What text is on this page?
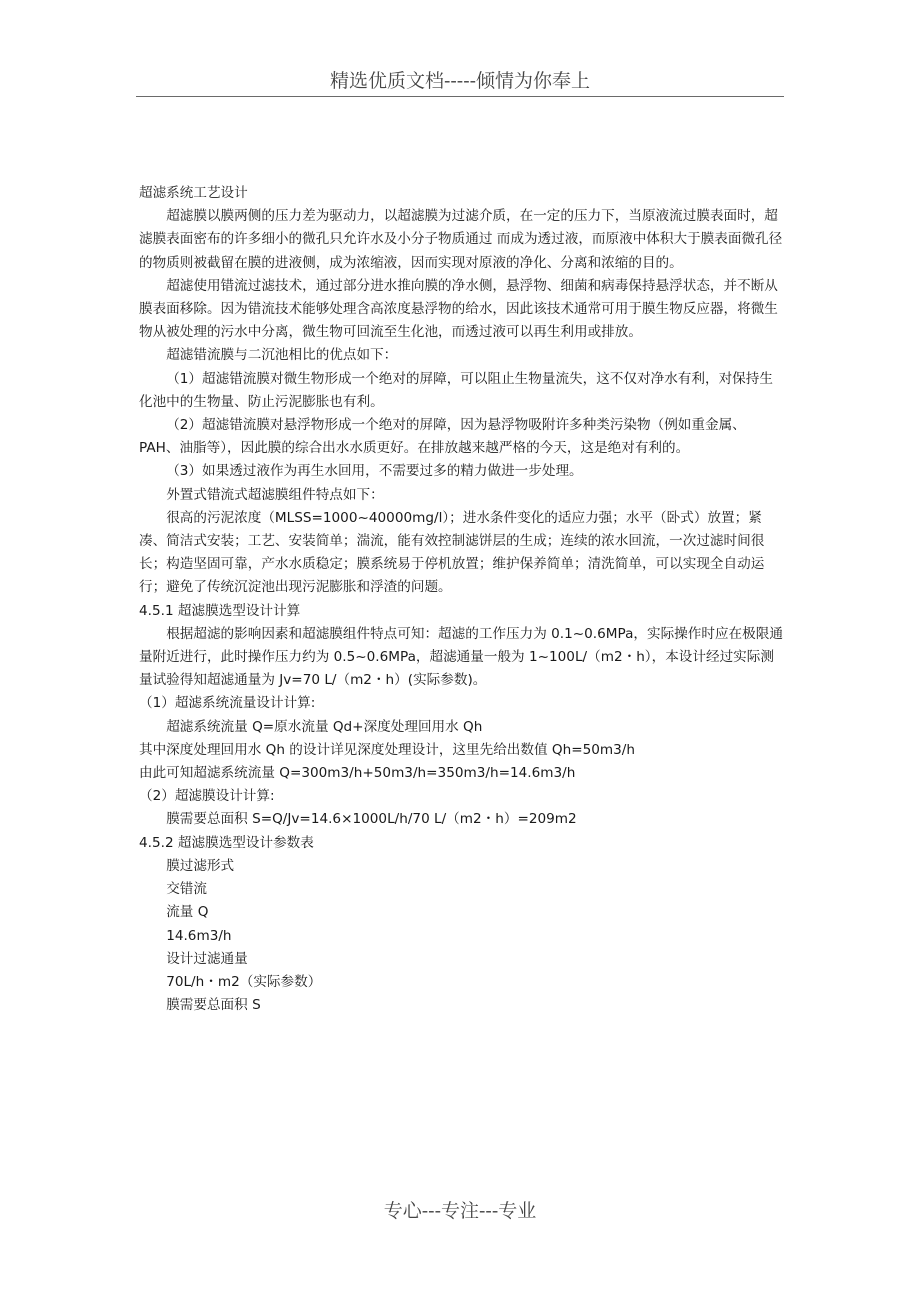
精选优质文档-----倾情为你奉上

超滤系统工艺设计

超滤膜以膜两侧的压力差为驱动力，以超滤膜为过滤介质，在一定的压力下，当原液流过膜表面时，超滤膜表面密布的许多细小的微孔只允许水及小分子物质通过 而成为透过液，而原液中体积大于膜表面微孔径的物质则被截留在膜的进液侧，成为浓缩液，因而实现对原液的净化、分离和浓缩的目的。

超滤使用错流过滤技术，通过部分进水推向膜的净水侧，悬浮物、细菌和病毒保持悬浮状态，并不断从膜表面移除。因为错流技术能够处理含高浓度悬浮物的给水，因此该技术通常可用于膜生物反应器，将微生物从被处理的污水中分离，微生物可回流至生化池，而透过液可以再生利用或排放。

超滤错流膜与二沉池相比的优点如下：

（1）超滤错流膜对微生物形成一个绝对的屏障，可以阻止生物量流失，这不仅对净水有利，对保持生化池中的生物量、防止污泥膨胀也有利。

（2）超滤错流膜对悬浮物形成一个绝对的屏障，因为悬浮物吸附许多种类污染物（例如重金属、PAH、油脂等），因此膜的综合出水水质更好。在排放越来越严格的今天，这是绝对有利的。

（3）如果透过液作为再生水回用，不需要过多的精力做进一步处理。

外置式错流式超滤膜组件特点如下：

很高的污泥浓度（MLSS=1000~40000mg/l）；进水条件变化的适应力强；水平（卧式）放置；紧凑、简洁式安装；工艺、安装简单；湍流，能有效控制滤饼层的生成；连续的浓水回流，一次过滤时间很长；构造坚固可靠，产水水质稳定；膜系统易于停机放置；维护保养简单；清洗简单，可以实现全自动运行；避免了传统沉淀池出现污泥膨胀和浮渣的问题。

4.5.1 超滤膜选型设计计算

根据超滤的影响因素和超滤膜组件特点可知：超滤的工作压力为 0.1~0.6MPa，实际操作时应在极限通量附近进行，此时操作压力约为 0.5~0.6MPa，超滤通量一般为 1~100L/（m2・h），本设计经过实际测量试验得知超滤通量为 Jv=70 L/（m2・h）(实际参数)。

（1）超滤系统流量设计计算:

超滤系统流量 Q=原水流量 Qd+深度处理回用水 Qh

其中深度处理回用水 Qh 的设计详见深度处理设计，这里先给出数值 Qh=50m3/h

由此可知超滤系统流量 Q=300m3/h+50m3/h=350m3/h=14.6m3/h

（2）超滤膜设计计算:

膜需要总面积 S=Q/Jv=14.6×1000L/h/70 L/（m2・h）=209m2

4.5.2 超滤膜选型设计参数表

膜过滤形式

交错流

流量 Q

14.6m3/h

设计过滤通量

70L/h・m2（实际参数）

膜需要总面积 S

专心---专注---专业
